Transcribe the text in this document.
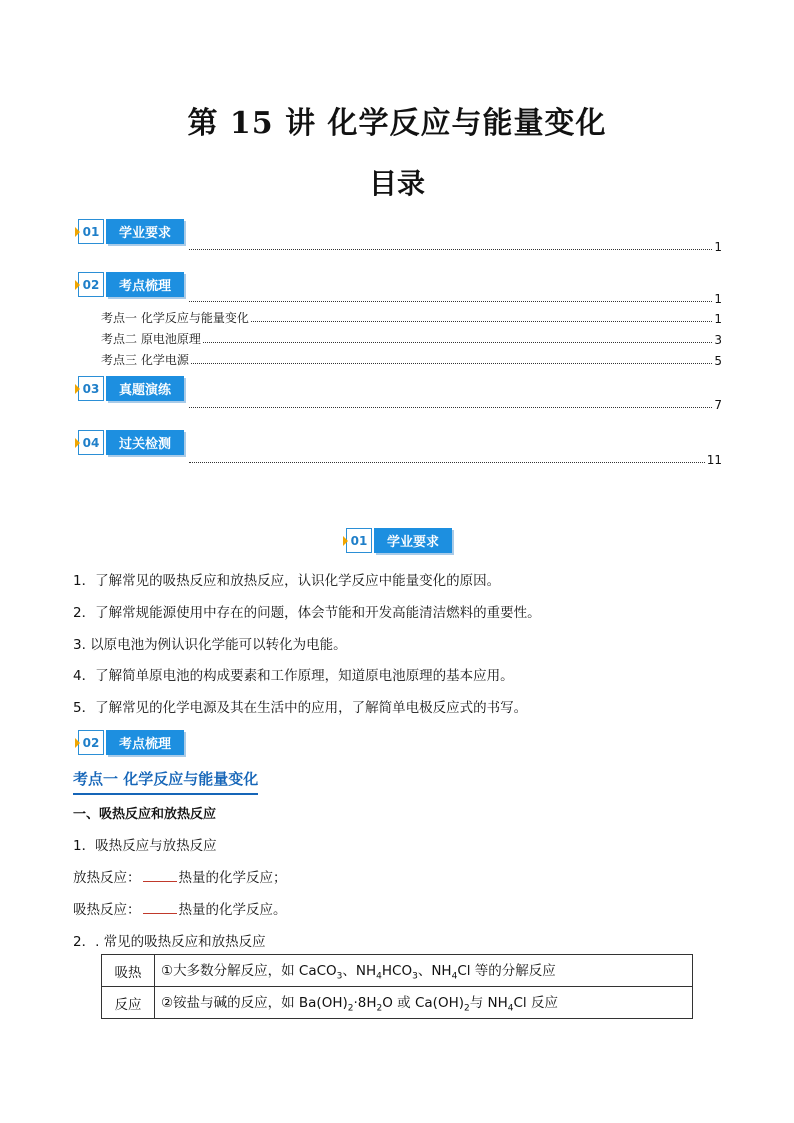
第 15 讲 化学反应与能量变化
目录
01	学业要求
1
02	考点梳理
1
考点一 化学反应与能量变化	1
考点二 原电池原理	3
考点三 化学电源	5
03	真题演练
7
04	过关检测
11
01	学业要求
1．了解常见的吸热反应和放热反应，认识化学反应中能量变化的原因。
2．了解常规能源使用中存在的问题，体会节能和开发高能清洁燃料的重要性。
3. 以原电池为例认识化学能可以转化为电能。
4．了解简单原电池的构成要素和工作原理，知道原电池原理的基本应用。
5．了解常见的化学电源及其在生活中的应用，了解简单电极反应式的书写。
02	考点梳理
考点一 化学反应与能量变化
一、吸热反应和放热反应
1．吸热反应与放热反应
放热反应：	热量的化学反应；
吸热反应：	热量的化学反应。
2．. 常见的吸热反应和放热反应
吸热	①大多数分解反应，如 CaCO$_3$、$NH_4HCO_3$、$NH_4Cl$ 等的分解反应
反应	②铵盐与碱的反应，如 $Ba(OH)_2\cdot 8H_2O$ 或 $Ca(OH)_2$与 $NH_4Cl$ 反应
